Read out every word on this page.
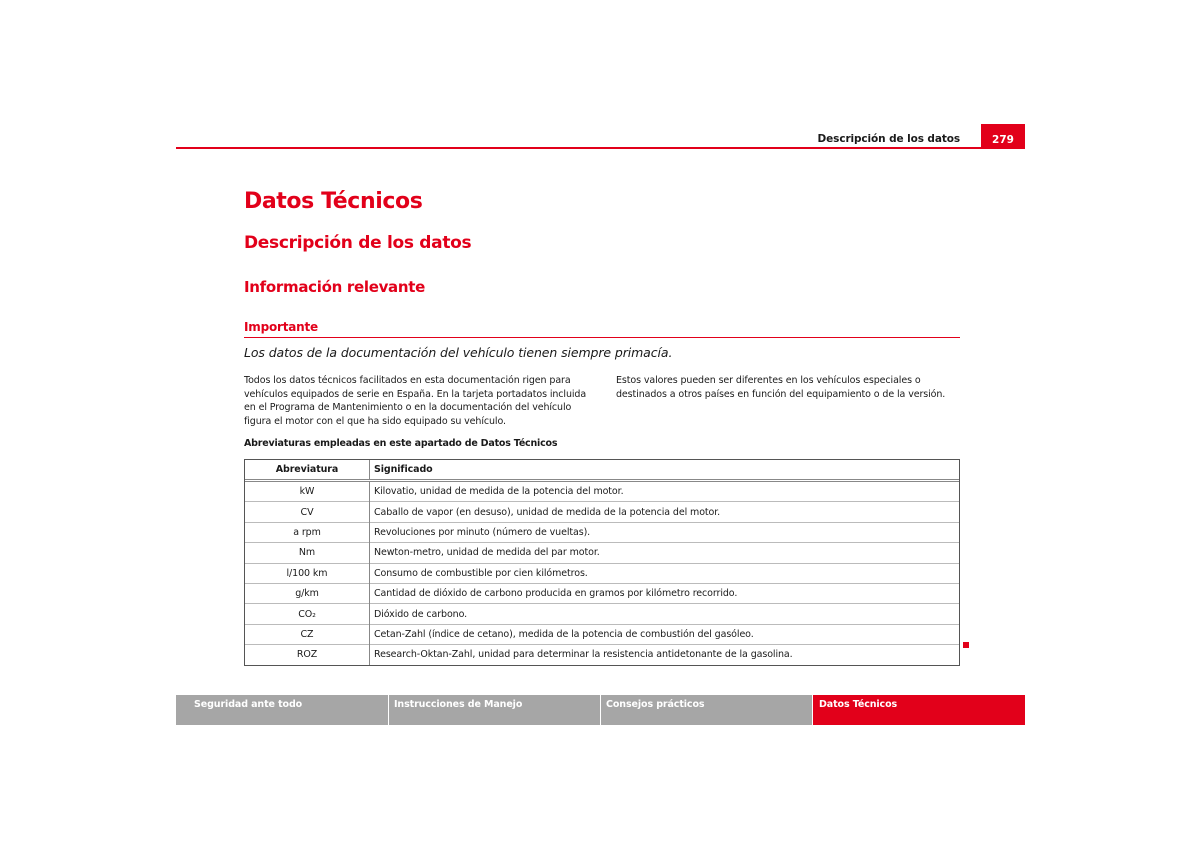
Descripción de los datos	279
Datos Técnicos
Descripción de los datos
Información relevante
Importante
Los datos de la documentación del vehículo tienen siempre primacía.
Todos los datos técnicos facilitados en esta documentación rigen para vehículos equipados de serie en España. En la tarjeta portadatos incluida en el Programa de Mantenimiento o en la documentación del vehículo figura el motor con el que ha sido equipado su vehículo.
Estos valores pueden ser diferentes en los vehículos especiales o destinados a otros países en función del equipamiento o de la versión.
Abreviaturas empleadas en este apartado de Datos Técnicos
Abreviatura	Significado
kW	Kilovatio, unidad de medida de la potencia del motor.
CV	Caballo de vapor (en desuso), unidad de medida de la potencia del motor.
a rpm	Revoluciones por minuto (número de vueltas).
Nm	Newton-metro, unidad de medida del par motor.
l/100 km	Consumo de combustible por cien kilómetros.
g/km	Cantidad de dióxido de carbono producida en gramos por kilómetro recorrido.
CO₂	Dióxido de carbono.
CZ	Cetan-Zahl (índice de cetano), medida de la potencia de combustión del gasóleo.
ROZ	Research-Oktan-Zahl, unidad para determinar la resistencia antidetonante de la gasolina.
Seguridad ante todo	Instrucciones de Manejo	Consejos prácticos	Datos Técnicos
